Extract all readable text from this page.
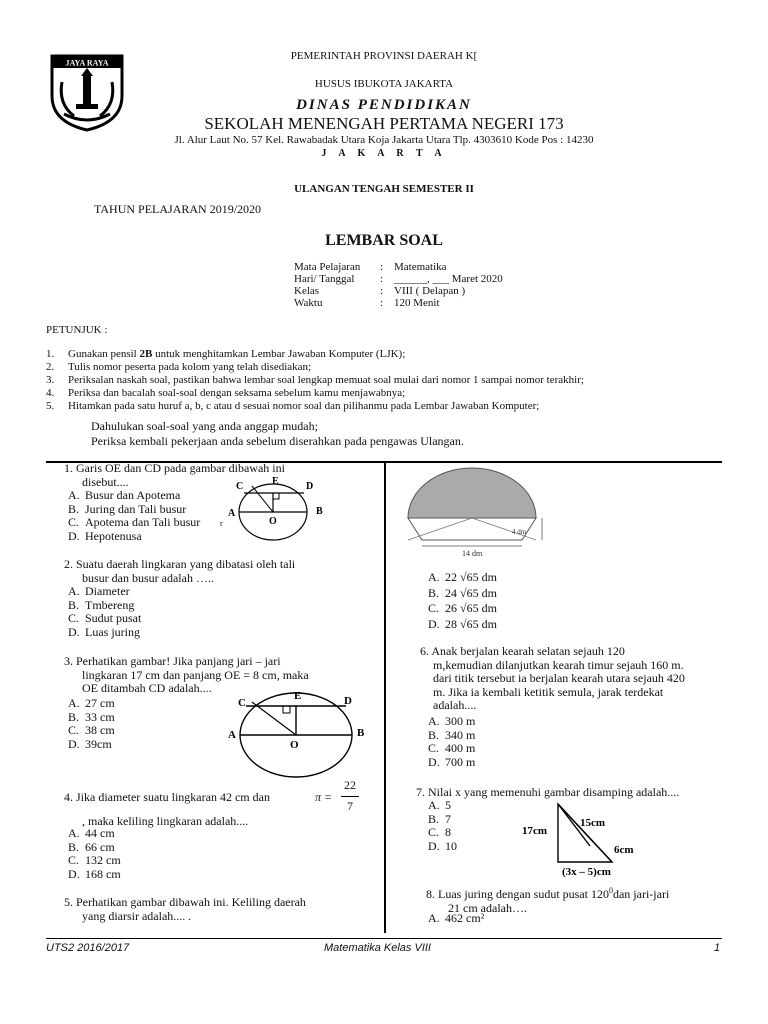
JAYA RAYA
PEMERINTAH PROVINSI DAERAH K[
HUSUS IBUKOTA JAKARTA
DINAS PENDIDIKAN
SEKOLAH MENENGAH PERTAMA NEGERI 173
Jl. Alur Laut No. 57 Kel. Rawabadak Utara Koja Jakarta Utara Tlp. 4303610 Kode Pos : 14230
J A K A R T A
ULANGAN TENGAH SEMESTER II
TAHUN PELAJARAN 2019/2020
LEMBAR SOAL
Mata Pelajaran	: Matematika
Hari/ Tanggal	: ______, ___ Maret 2020
Kelas	: VIII ( Delapan )
Waktu	: 120 Menit
PETUNJUK :
1.	Gunakan pensil 2B untuk menghitamkan Lembar Jawaban Komputer (LJK);
2.	Tulis nomor peserta pada kolom yang telah disediakan;
3.	Periksalan naskah soal, pastikan bahwa lembar soal lengkap memuat soal mulai dari nomor 1 sampai nomor terakhir;
4.	Periksa dan bacalah soal-soal dengan seksama sebelum kamu menjawabnya;
5.	Hitamkan pada satu huruf a, b, c atau d sesuai nomor soal dan pilihanmu pada Lembar Jawaban Komputer;
Dahulukan soal-soal yang anda anggap mudah;
Periksa kembali pekerjaan anda sebelum diserahkan pada pengawas Ulangan.
1. Garis OE dan CD pada gambar dibawah ini
disebut....
A. Busur dan Apotema
B. Juring dan Tali busur
C. Apotema dan Tali busur
D. Hepotenusa
C	E	D
A
O
B
r
2. Suatu daerah lingkaran yang dibatasi oleh tali
busur dan busur adalah …..
A. Diameter
B. Tmbereng
C. Sudut pusat
D. Luas juring
3. Perhatikan gambar! Jika panjang jari – jari
lingkaran 17 cm dan panjang OE = 8 cm, maka
OE ditambah CD adalah....
A. 27 cm
B. 33 cm
C. 38 cm
D. 39cm
C
E	D
A
O
B
4. Jika diameter suatu lingkaran 42 cm dan	π =
22
7
, maka keliling lingkaran adalah....
A. 44 cm
B. 66 cm
C. 132 cm
D. 168 cm
5. Perhatikan gambar dibawah ini. Keliling daerah
yang diarsir adalah.... .
14 dm
4 dm
A. 22 √65 dm
B. 24 √65 dm
C. 26 √65 dm
D. 28 √65 dm
6. Anak berjalan kearah selatan sejauh 120
m,kemudian dilanjutkan kearah timur sejauh 160 m.
dari titik tersebut ia berjalan kearah utara sejauh 420
m. Jika ia kembali ketitik semula, jarak terdekat
adalah....
A. 300 m
B. 340 m
C. 400 m
D. 700 m
7. Nilai x yang memenuhi gambar disamping adalah....
A. 5
B. 7
C. 8
D. 10
17cm
15cm
6cm
(3x – 5)cm
8. Luas juring dengan sudut pusat $120^0dan$ jari-jari
21 cm adalah….
A. 462 cm²
UTS2 2016/2017	Matematika Kelas VIII	1
